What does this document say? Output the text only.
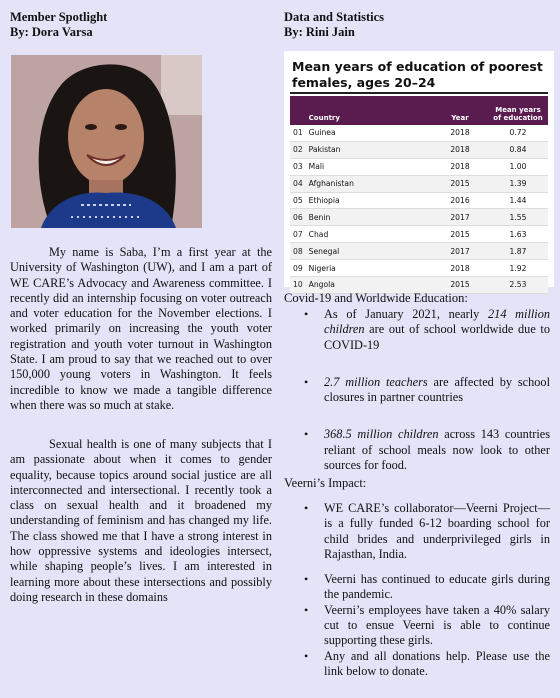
Member Spotlight
By: Dora Varsa

My name is Saba, I’m a first year at the University of Washington (UW), and I am a part of WE CARE’s Advocacy and Awareness committee. I recently did an internship focusing on voter outreach and voter education for the November elections. I worked primarily on increasing the youth voter registration and youth voter turnout in Washington State. I am proud to say that we reached out to over 150,000 young voters in Washington. It feels incredible to know we made a tangible difference when there was so much at stake.

Sexual health is one of many subjects that I am passionate about when it comes to gender equality, because topics around social justice are all interconnected and intersectional. I recently took a class on sexual health and it broadened my understanding of feminism and has changed my life. The class showed me that I have a strong interest in how oppressive systems and ideologies intersect, while shaping people’s lives. I am interested in learning more about these intersections and possibly doing research in these domains

Data and Statistics
By: Rini Jain
Mean years of education of poorest females, ages 20–24
	Country	Year	Mean years of education
01	Guinea	2018	0.72
02	Pakistan	2018	0.84
03	Mali	2018	1.00
04	Afghanistan	2015	1.39
05	Ethiopia	2016	1.44
06	Benin	2017	1.55
07	Chad	2015	1.63
08	Senegal	2017	1.87
09	Nigeria	2018	1.92
10	Angola	2015	2.53
Covid-19 and Worldwide Education:
• As of January 2021, nearly 214 million children are out of school worldwide due to COVID-19
• 2.7 million teachers are affected by school closures in partner countries
• 368.5 million children across 143 countries reliant of school meals now look to other sources for food.
Veerni’s Impact:
• WE CARE’s collaborator—Veerni Project—is a fully funded 6-12 boarding school for child brides and underprivileged girls in Rajasthan, India.
• Veerni has continued to educate girls during the pandemic.
• Veerni’s employees have taken a 40% salary cut to ensue Veerni is able to continue supporting these girls.
• Any and all donations help. Please use the link below to donate.
